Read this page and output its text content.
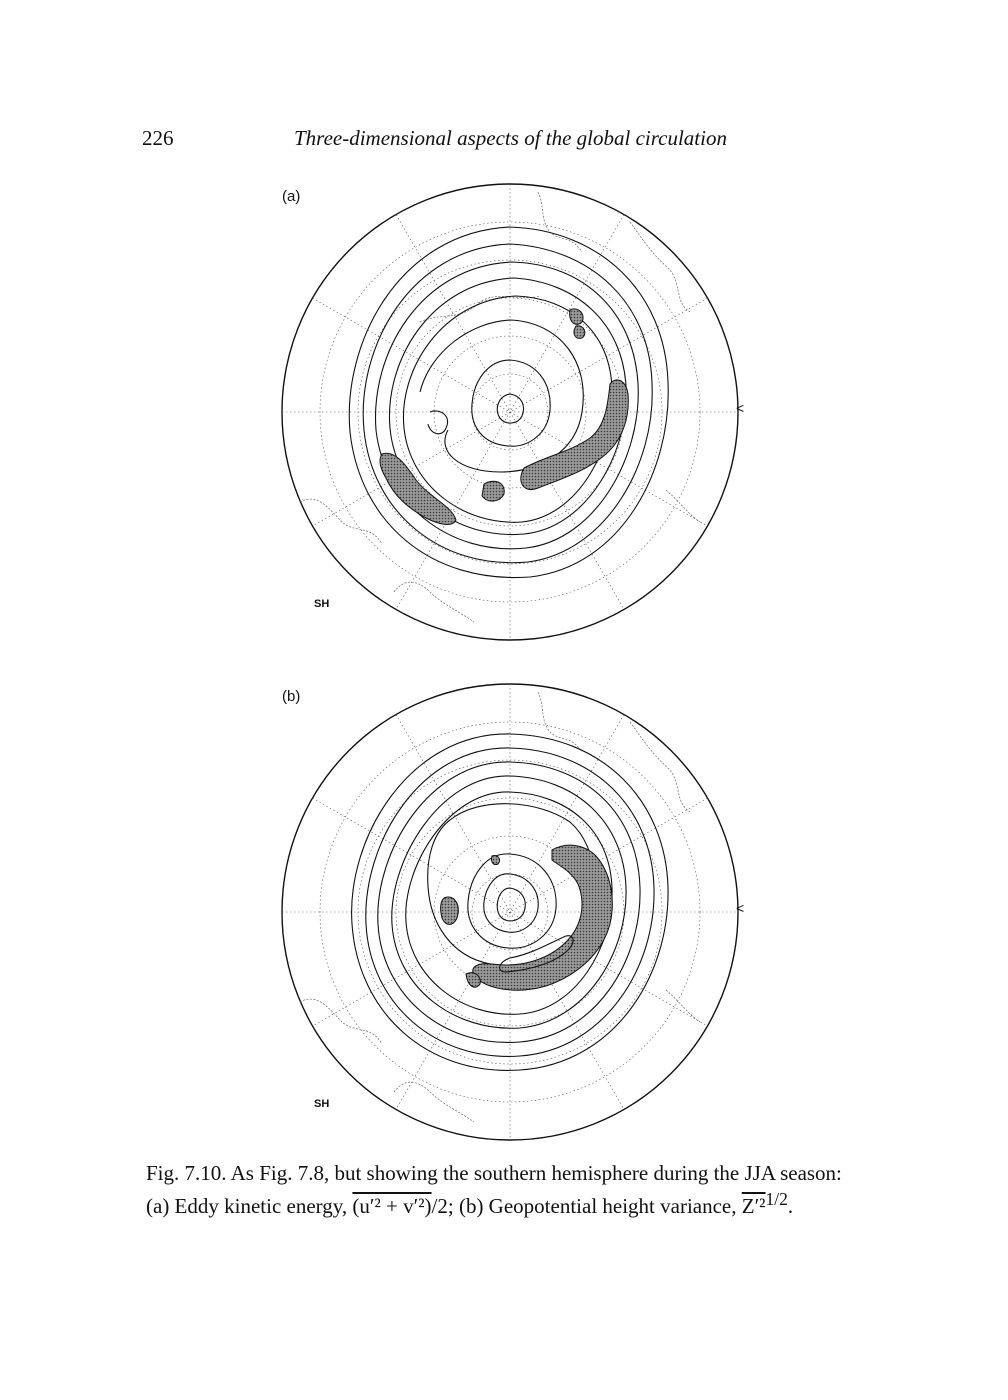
226	Three-dimensional aspects of the global circulation
(a)
SH
<
(b)
SH
<
Fig. 7.10. As Fig. 7.8, but showing the southern hemisphere during the JJA season:
(a) Eddy kinetic energy, (u′² + v′²)/2; (b) Geopotential height variance, Z′²$^{1/2}$.
